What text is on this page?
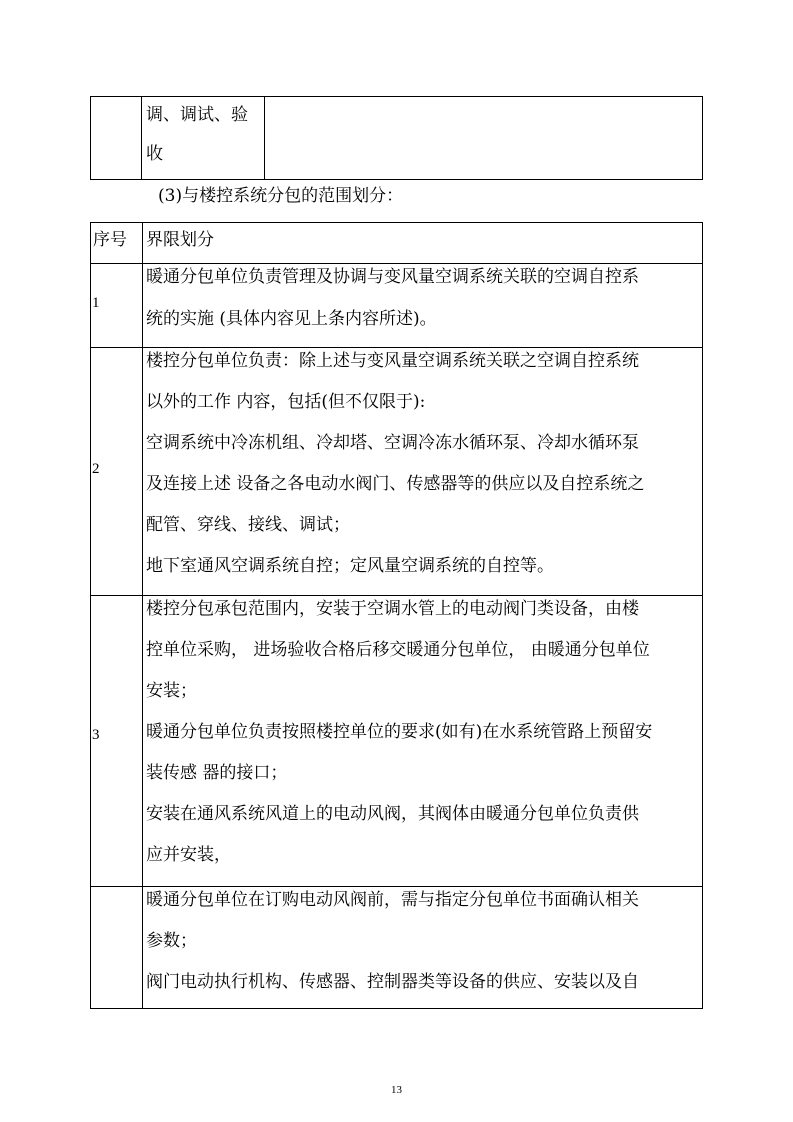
调、调试、验
收
(3)与楼控系统分包的范围划分：
序号 界限划分
1
暖通分包单位负责管理及协调与变风量空调系统关联的空调自控系
统的实施 (具体内容见上条内容所述)。
2
楼控分包单位负责：除上述与变风量空调系统关联之空调自控系统
以外的工作 内容，包括(但不仅限于):
空调系统中冷冻机组、冷却塔、空调冷冻水循环泵、冷却水循环泵
及连接上述 设备之各电动水阀门、传感器等的供应以及自控系统之
配管、穿线、接线、调试；
地下室通风空调系统自控；定风量空调系统的自控等。
3
楼控分包承包范围内，安装于空调水管上的电动阀门类设备，由楼
控单位采购， 进场验收合格后移交暖通分包单位， 由暖通分包单位
安装；
暖通分包单位负责按照楼控单位的要求(如有)在水系统管路上预留安
装传感 器的接口；
安装在通风系统风道上的电动风阀，其阀体由暖通分包单位负责供
应并安装，
暖通分包单位在订购电动风阀前，需与指定分包单位书面确认相关
参数；
阀门电动执行机构、传感器、控制器类等设备的供应、安装以及自
13
